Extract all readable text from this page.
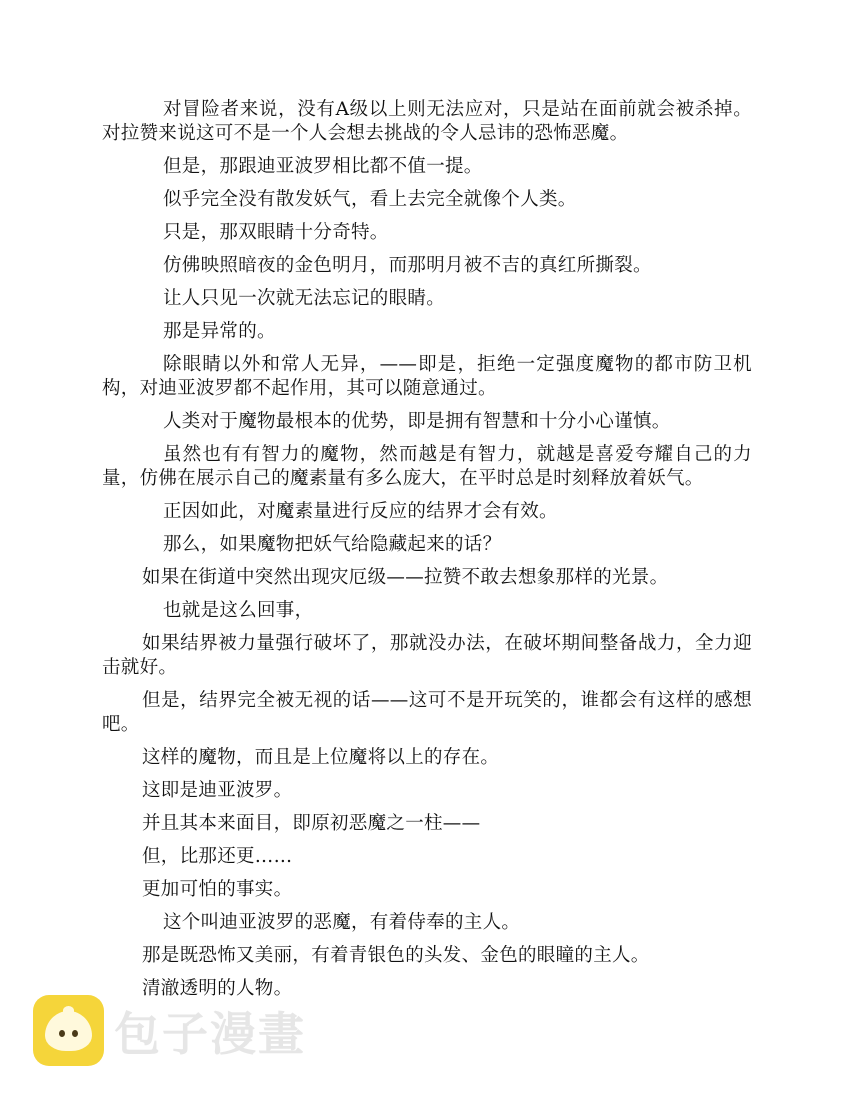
对冒险者来说，没有A级以上则无法应对，只是站在面前就会被杀掉。对拉赞来说这可不是一个人会想去挑战的令人忌讳的恐怖恶魔。

但是，那跟迪亚波罗相比都不值一提。

似乎完全没有散发妖气，看上去完全就像个人类。

只是，那双眼睛十分奇特。

仿佛映照暗夜的金色明月，而那明月被不吉的真红所撕裂。

让人只见一次就无法忘记的眼睛。

那是异常的。

除眼睛以外和常人无异，——即是，拒绝一定强度魔物的都市防卫机构，对迪亚波罗都不起作用，其可以随意通过。

人类对于魔物最根本的优势，即是拥有智慧和十分小心谨慎。

虽然也有有智力的魔物，然而越是有智力，就越是喜爱夸耀自己的力量，仿佛在展示自己的魔素量有多么庞大，在平时总是时刻释放着妖气。

正因如此，对魔素量进行反应的结界才会有效。

那么，如果魔物把妖气给隐藏起来的话？

如果在街道中突然出现灾厄级——拉赞不敢去想象那样的光景。

也就是这么回事，

如果结界被力量强行破坏了，那就没办法，在破坏期间整备战力，全力迎击就好。

但是，结界完全被无视的话——这可不是开玩笑的，谁都会有这样的感想吧。

这样的魔物，而且是上位魔将以上的存在。

这即是迪亚波罗。

并且其本来面目，即原初恶魔之一柱——

但，比那还更……

更加可怕的事实。

这个叫迪亚波罗的恶魔，有着侍奉的主人。

那是既恐怖又美丽，有着青银色的头发、金色的眼瞳的主人。

清澈透明的人物。

包子漫畫
